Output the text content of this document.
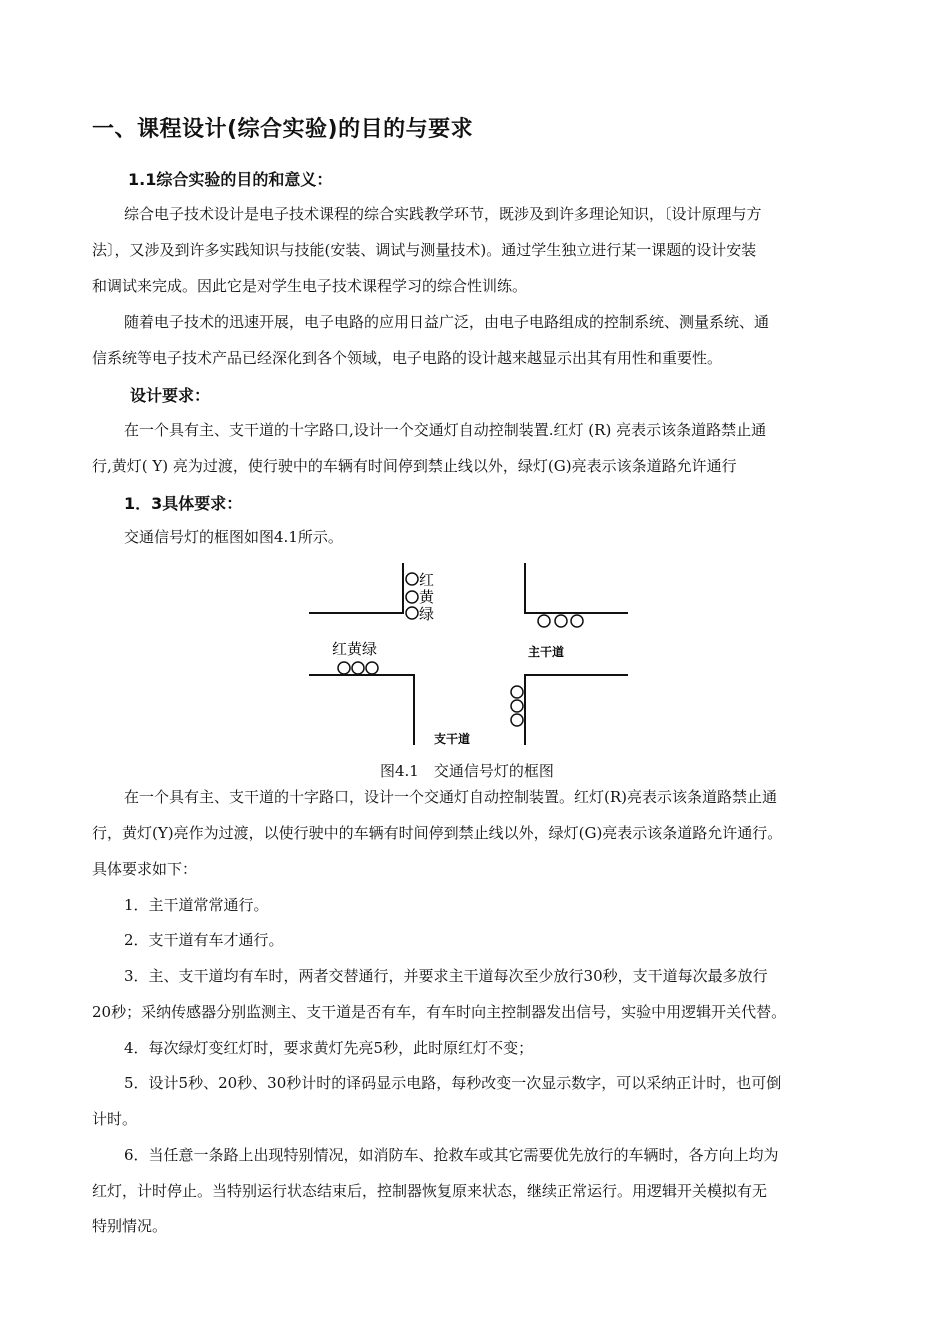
一、课程设计(综合实验)的目的与要求
1.1综合实验的目的和意义：
综合电子技术设计是电子技术课程的综合实践教学环节，既涉及到许多理论知识，〔设计原理与方
法〕，又涉及到许多实践知识与技能(安装、调试与测量技术)。通过学生独立进行某一课题的设计安装
和调试来完成。因此它是对学生电子技术课程学习的综合性训练。
随着电子技术的迅速开展，电子电路的应用日益广泛，由电子电路组成的控制系统、测量系统、通
信系统等电子技术产品已经深化到各个领域，电子电路的设计越来越显示出其有用性和重要性。
设计要求：
在一个具有主、支干道的十字路口,设计一个交通灯自动控制装置.红灯 (R) 亮表示该条道路禁止通
行,黄灯( Y) 亮为过渡，使行驶中的车辆有时间停到禁止线以外，绿灯(G)亮表示该条道路允许通行
1．3具体要求：
交通信号灯的框图如图4.1所示。
红
黄
绿
红黄绿	主干道
支干道
图4.1　交通信号灯的框图
在一个具有主、支干道的十字路口，设计一个交通灯自动控制装置。红灯(R)亮表示该条道路禁止通
行，黄灯(Y)亮作为过渡，以使行驶中的车辆有时间停到禁止线以外，绿灯(G)亮表示该条道路允许通行。
具体要求如下：
1．主干道常常通行。
2．支干道有车才通行。
3．主、支干道均有车时，两者交替通行，并要求主干道每次至少放行30秒，支干道每次最多放行
20秒；采纳传感器分别监测主、支干道是否有车，有车时向主控制器发出信号，实验中用逻辑开关代替。
4．每次绿灯变红灯时，要求黄灯先亮5秒，此时原红灯不变；
5．设计5秒、20秒、30秒计时的译码显示电路，每秒改变一次显示数字，可以采纳正计时，也可倒
计时。
6．当任意一条路上出现特别情况，如消防车、抢救车或其它需要优先放行的车辆时，各方向上均为
红灯，计时停止。当特别运行状态结束后，控制器恢复原来状态，继续正常运行。用逻辑开关模拟有无
特别情况。
